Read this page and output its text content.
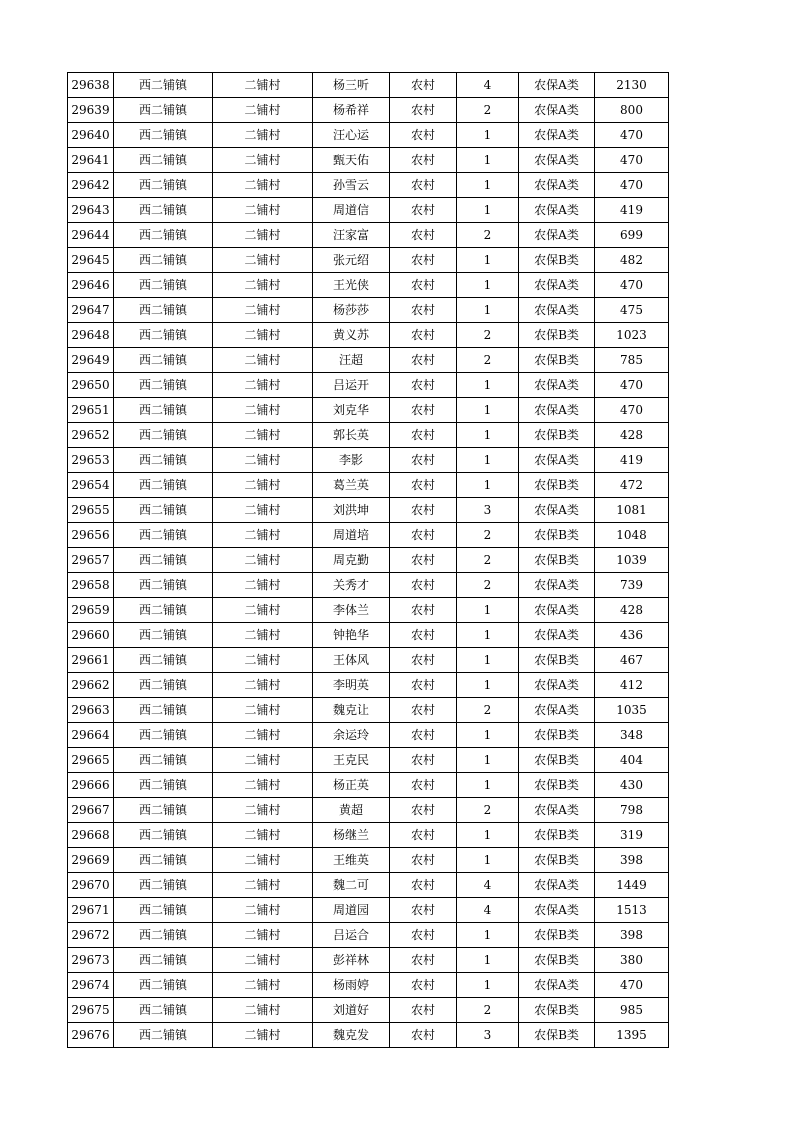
29638	西二铺镇	二铺村	杨三听	农村	4	农保A类	2130
29639	西二铺镇	二铺村	杨希祥	农村	2	农保A类	800
29640	西二铺镇	二铺村	汪心运	农村	1	农保A类	470
29641	西二铺镇	二铺村	甄天佑	农村	1	农保A类	470
29642	西二铺镇	二铺村	孙雪云	农村	1	农保A类	470
29643	西二铺镇	二铺村	周道信	农村	1	农保A类	419
29644	西二铺镇	二铺村	汪家富	农村	2	农保A类	699
29645	西二铺镇	二铺村	张元绍	农村	1	农保B类	482
29646	西二铺镇	二铺村	王光侠	农村	1	农保A类	470
29647	西二铺镇	二铺村	杨莎莎	农村	1	农保A类	475
29648	西二铺镇	二铺村	黄义苏	农村	2	农保B类	1023
29649	西二铺镇	二铺村	汪超	农村	2	农保B类	785
29650	西二铺镇	二铺村	吕运开	农村	1	农保A类	470
29651	西二铺镇	二铺村	刘克华	农村	1	农保A类	470
29652	西二铺镇	二铺村	郭长英	农村	1	农保B类	428
29653	西二铺镇	二铺村	李影	农村	1	农保A类	419
29654	西二铺镇	二铺村	葛兰英	农村	1	农保B类	472
29655	西二铺镇	二铺村	刘洪坤	农村	3	农保A类	1081
29656	西二铺镇	二铺村	周道培	农村	2	农保B类	1048
29657	西二铺镇	二铺村	周克勤	农村	2	农保B类	1039
29658	西二铺镇	二铺村	关秀才	农村	2	农保A类	739
29659	西二铺镇	二铺村	李体兰	农村	1	农保A类	428
29660	西二铺镇	二铺村	钟艳华	农村	1	农保A类	436
29661	西二铺镇	二铺村	王体风	农村	1	农保B类	467
29662	西二铺镇	二铺村	李明英	农村	1	农保A类	412
29663	西二铺镇	二铺村	魏克让	农村	2	农保A类	1035
29664	西二铺镇	二铺村	余运玲	农村	1	农保B类	348
29665	西二铺镇	二铺村	王克民	农村	1	农保B类	404
29666	西二铺镇	二铺村	杨正英	农村	1	农保B类	430
29667	西二铺镇	二铺村	黄超	农村	2	农保A类	798
29668	西二铺镇	二铺村	杨继兰	农村	1	农保B类	319
29669	西二铺镇	二铺村	王维英	农村	1	农保B类	398
29670	西二铺镇	二铺村	魏二可	农村	4	农保A类	1449
29671	西二铺镇	二铺村	周道园	农村	4	农保A类	1513
29672	西二铺镇	二铺村	吕运合	农村	1	农保B类	398
29673	西二铺镇	二铺村	彭祥林	农村	1	农保B类	380
29674	西二铺镇	二铺村	杨雨婷	农村	1	农保A类	470
29675	西二铺镇	二铺村	刘道好	农村	2	农保B类	985
29676	西二铺镇	二铺村	魏克发	农村	3	农保B类	1395
